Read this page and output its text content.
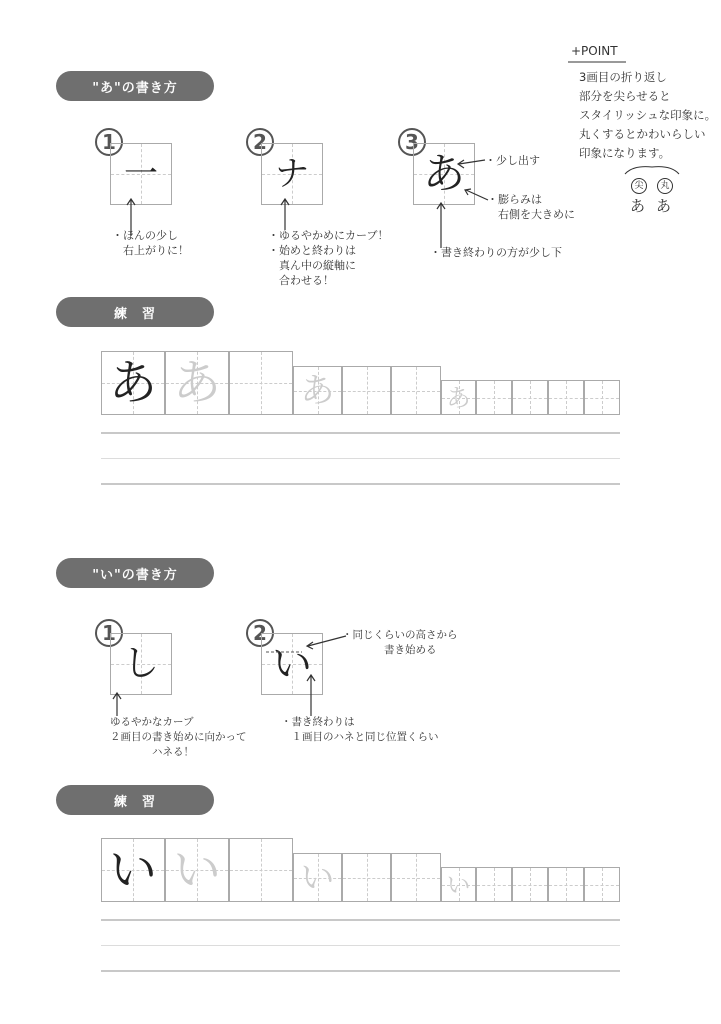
"あ"の書き方
1
一
・ほんの少し
　右上がりに！
2
ナ
・ゆるやかめにカーブ！
・始めと終わりは
　真ん中の縦軸に
　合わせる！
3
あ	・少し出す
・膨らみは
　右側を大きめに
・書き終わりの方が少し下
+POINT
3画目の折り返し
部分を尖らせると
スタイリッシュな印象に。
丸くするとかわいらしい
印象になります。
尖	丸
あ あ
練　習
あ あ あ	あ
"い"の書き方
1
し
ゆるやかなカーブ
２画目の書き始めに向かって
　　　　ハネる！
2
い
・同じくらいの高さから
　　　　書き始める
・書き終わりは
　１画目のハネと同じ位置くらい
練　習
い い い	い
